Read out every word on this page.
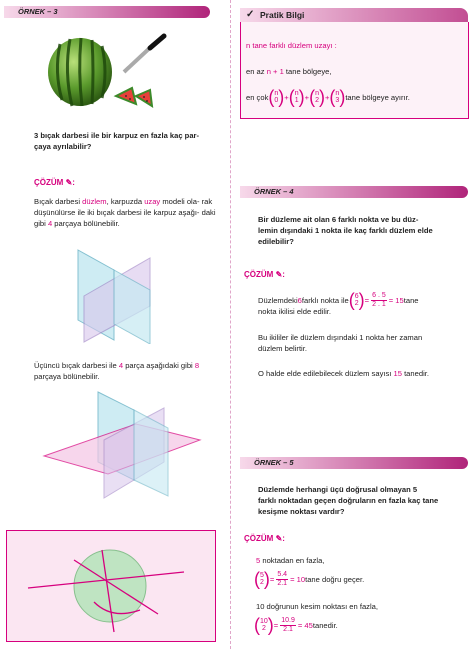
ÖRNEK – 3
3 bıçak darbesi ile bir karpuz en fazla kaç par-
çaya ayrılabilir?
ÇÖZÜM ✎:
Bıçak darbesi düzlem, karpuzda uzay modeli ola- rak düşünülürse ile iki bıçak darbesi ile karpuz aşağı- daki gibi 4 parçaya bölünebilir.
Üçüncü bıçak darbesi ile 4 parça aşağıdaki gibi 8
parçaya bölünebilir.
✓ Pratik Bilgi
n tane farklı düzlem uzayı :
en az n + 1 tane bölgeye,
en çok ( n
0 ) + ( n
1 ) + ( n
2 ) + ( n
3 ) tane bölgeye ayırır.
ÖRNEK – 4
Bir düzleme ait olan 6 farklı nokta ve bu düz-
lemin dışındaki 1 nokta ile kaç farklı düzlem elde
edilebilir?
ÇÖZÜM ✎:
Düzlemdeki 6 farklı nokta ile ( 6
2 ) = $\frac{6 . 5}{2 . 1}$ =
15 tane
nokta ikilisi elde edilir.
Bu ikililer ile düzlem dışındaki 1 nokta her zaman
düzlem belirtir.
O halde elde edilebilecek düzlem sayısı 15 tanedir.
ÖRNEK – 5
Düzlemde herhangi üçü doğrusal olmayan 5
farklı noktadan geçen doğruların en fazla kaç tane
kesişme noktası vardır?
ÇÖZÜM ✎:
5 noktadan en fazla,
( 5
2 ) = $\frac{5.4}{2.1}$ =
10 tane doğru geçer.
10 doğrunun kesim noktası en fazla,
( 10
2 ) = $\frac{10.9}{2.1}$ =
45 tanedir.
